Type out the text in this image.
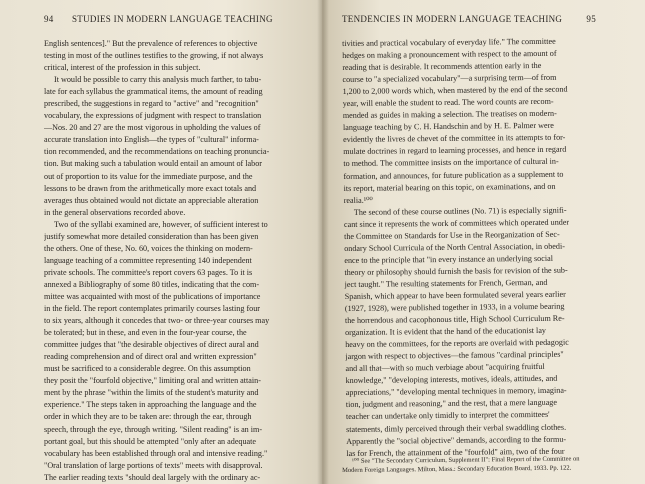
94 STUDIES IN MODERN LANGUAGE TEACHING
English sentences]." But the prevalence of references to objective
testing in most of the outlines testifies to the growing, if not always
critical, interest of the profession in this subject.
It would be possible to carry this analysis much farther, to tabu-
late for each syllabus the grammatical items, the amount of reading
prescribed, the suggestions in regard to "active" and "recognition"
vocabulary, the expressions of judgment with respect to translation
—Nos. 20 and 27 are the most vigorous in upholding the values of
accurate translation into English—the types of "cultural" informa-
tion recommended, and the recommendations on teaching pronuncia-
tion. But making such a tabulation would entail an amount of labor
out of proportion to its value for the immediate purpose, and the
lessons to be drawn from the arithmetically more exact totals and
averages thus obtained would not dictate an appreciable alteration
in the general observations recorded above.
Two of the syllabi examined are, however, of sufficient interest to
justify somewhat more detailed consideration than has been given
the others. One of these, No. 60, voices the thinking on modern-
language teaching of a committee representing 140 independent
private schools. The committee's report covers 63 pages. To it is
annexed a Bibliography of some 80 titles, indicating that the com-
mittee was acquainted with most of the publications of importance
in the field. The report contemplates primarily courses lasting four
to six years, although it concedes that two- or three-year courses may
be tolerated; but in these, and even in the four-year course, the
committee judges that "the desirable objectives of direct aural and
reading comprehension and of direct oral and written expression"
must be sacrificed to a considerable degree. On this assumption
they posit the "fourfold objective," limiting oral and written attain-
ment by the phrase "within the limits of the student's maturity and
experience." The steps taken in approaching the language and the
order in which they are to be taken are: through the ear, through
speech, through the eye, through writing. "Silent reading" is an im-
portant goal, but this should be attempted "only after an adequate
vocabulary has been established through oral and intensive reading."
"Oral translation of large portions of texts" meets with disapproval.
The earlier reading texts "should deal largely with the ordinary ac-
TENDENCIES IN MODERN LANGUAGE TEACHING	95
tivities and practical vocabulary of everyday life." The committee
hedges on making a pronouncement with respect to the amount of
reading that is desirable. It recommends attention early in the
course to "a specialized vocabulary"—a surprising term—of from
1,200 to 2,000 words which, when mastered by the end of the second
year, will enable the student to read. The word counts are recom-
mended as guides in making a selection. The treatises on modern-
language teaching by C. H. Handschin and by H. E. Palmer were
evidently the livres de chevet of the committee in its attempts to for-
mulate doctrines in regard to learning processes, and hence in regard
to method. The committee insists on the importance of cultural in-
formation, and announces, for future publication as a supplement to
its report, material bearing on this topic, on examinations, and on
realia.¹⁰⁰
The second of these course outlines (No. 71) is especially signifi-
cant since it represents the work of committees which operated under
the Committee on Standards for Use in the Reorganization of Sec-
ondary School Curricula of the North Central Association, in obedi-
ence to the principle that "in every instance an underlying social
theory or philosophy should furnish the basis for revision of the sub-
ject taught." The resulting statements for French, German, and
Spanish, which appear to have been formulated several years earlier
(1927, 1928), were published together in 1933, in a volume bearing
the horrendous and cacophonous title, High School Curriculum Re-
organization. It is evident that the hand of the educationist lay
heavy on the committees, for the reports are overlaid with pedagogic
jargon with respect to objectives—the famous "cardinal principles"
and all that—with so much verbiage about "acquiring fruitful
knowledge," "developing interests, motives, ideals, attitudes, and
appreciations," "developing mental techniques in memory, imagina-
tion, judgment and reasoning," and the rest, that a mere language
teacher can undertake only timidly to interpret the committees'
statements, dimly perceived through their verbal swaddling clothes.
Apparently the "social objective" demands, according to the formu-
las for French, the attainment of the "fourfold" aim, two of the four
¹⁰⁰ See "The Secondary Curriculum, Supplement II": Final Report of the Committee on
Modern Foreign Languages. Milton, Mass.: Secondary Education Board, 1933. Pp. 122.
